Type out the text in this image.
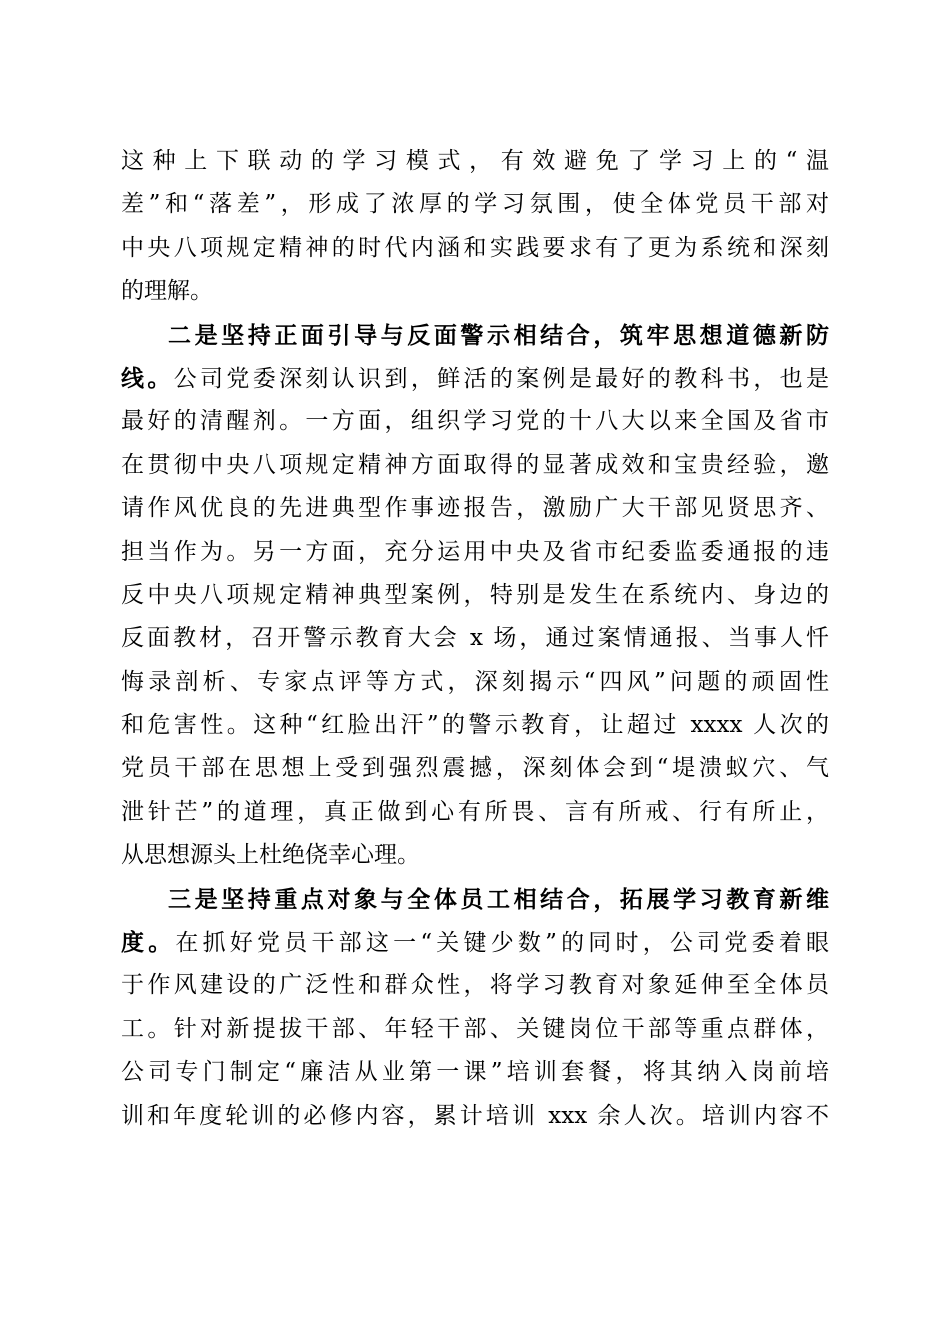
这种上下联动的学习模式，有效避免了学习上的“温
差”和“落差”，形成了浓厚的学习氛围，使全体党员干部对
中央八项规定精神的时代内涵和实践要求有了更为系统和深刻
的理解。
二是坚持正面引导与反面警示相结合，筑牢思想道德新防
线。公司党委深刻认识到，鲜活的案例是最好的教科书，也是
最好的清醒剂。一方面，组织学习党的十八大以来全国及省市
在贯彻中央八项规定精神方面取得的显著成效和宝贵经验，邀
请作风优良的先进典型作事迹报告，激励广大干部见贤思齐、
担当作为。另一方面，充分运用中央及省市纪委监委通报的违
反中央八项规定精神典型案例，特别是发生在系统内、身边的
反面教材，召开警示教育大会 x 场，通过案情通报、当事人忏
悔录剖析、专家点评等方式，深刻揭示“四风”问题的顽固性
和危害性。这种“红脸出汗”的警示教育，让超过 xxxx 人次的
党员干部在思想上受到强烈震撼，深刻体会到“堤溃蚁穴、气
泄针芒”的道理，真正做到心有所畏、言有所戒、行有所止，
从思想源头上杜绝侥幸心理。
三是坚持重点对象与全体员工相结合，拓展学习教育新维
度。在抓好党员干部这一“关键少数”的同时，公司党委着眼
于作风建设的广泛性和群众性，将学习教育对象延伸至全体员
工。针对新提拔干部、年轻干部、关键岗位干部等重点群体，
公司专门制定“廉洁从业第一课”培训套餐，将其纳入岗前培
训和年度轮训的必修内容，累计培训 xxx 余人次。培训内容不
